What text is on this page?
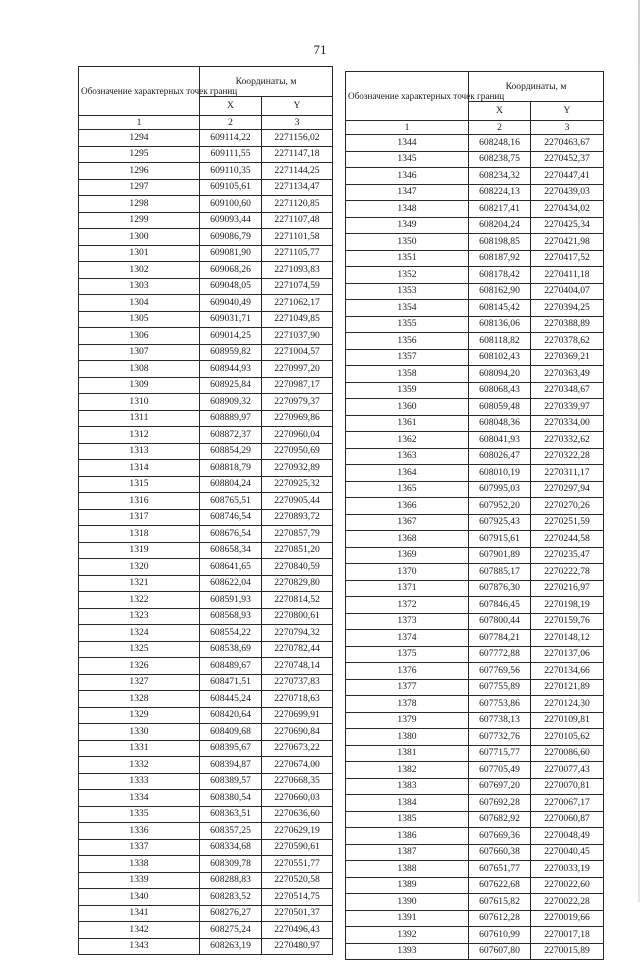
71
Обозначение характерных точек границ	Координаты, м	
	X	Y
1	2	3
1294	609114,22	2271156,02
1295	609111,55	2271147,18
1296	609110,35	2271144,25
1297	609105,61	2271134,47
1298	609100,60	2271120,85
1299	609093,44	2271107,48
1300	609086,79	2271101,58
1301	609081,90	2271105,77
1302	609068,26	2271093,83
1303	609048,05	2271074,59
1304	609040,49	2271062,17
1305	609031,71	2271049,85
1306	609014,25	2271037,90
1307	608959,82	2271004,57
1308	608944,93	2270997,20
1309	608925,84	2270987,17
1310	608909,32	2270979,37
1311	608889,97	2270969,86
1312	608872,37	2270960,04
1313	608854,29	2270950,69
1314	608818,79	2270932,89
1315	608804,24	2270925,32
1316	608765,51	2270905,44
1317	608746,54	2270893,72
1318	608676,54	2270857,79
1319	608658,34	2270851,20
1320	608641,65	2270840,59
1321	608622,04	2270829,80
1322	608591,93	2270814,52
1323	608568,93	2270800,61
1324	608554,22	2270794,32
1325	608538,69	2270782,44
1326	608489,67	2270748,14
1327	608471,51	2270737,83
1328	608445,24	2270718,63
1329	608420,64	2270699,91
1330	608409,68	2270690,84
1331	608395,67	2270673,22
1332	608394,87	2270674,00
1333	608389,57	2270668,35
1334	608380,54	2270660,03
1335	608363,51	2270636,60
1336	608357,25	2270629,19
1337	608334,68	2270590,61
1338	608309,78	2270551,77
1339	608288,83	2270520,58
1340	608283,52	2270514,75
1341	608276,27	2270501,37
1342	608275,24	2270496,43
1343	608263,19	2270480,97
Обозначение характерных точек границ	Координаты, м	
	X	Y
1	2	3
1344	608248,16	2270463,67
1345	608238,75	2270452,37
1346	608234,32	2270447,41
1347	608224,13	2270439,03
1348	608217,41	2270434,02
1349	608204,24	2270425,34
1350	608198,85	2270421,98
1351	608187,92	2270417,52
1352	608178,42	2270411,18
1353	608162,90	2270404,07
1354	608145,42	2270394,25
1355	608136,06	2270388,89
1356	608118,82	2270378,62
1357	608102,43	2270369,21
1358	608094,20	2270363,49
1359	608068,43	2270348,67
1360	608059,48	2270339,97
1361	608048,36	2270334,00
1362	608041,93	2270332,62
1363	608026,47	2270322,28
1364	608010,19	2270311,17
1365	607995,03	2270297,94
1366	607952,20	2270270,26
1367	607925,43	2270251,59
1368	607915,61	2270244,58
1369	607901,89	2270235,47
1370	607885,17	2270222,78
1371	607876,30	2270216,97
1372	607846,45	2270198,19
1373	607800,44	2270159,76
1374	607784,21	2270148,12
1375	607772,88	2270137,06
1376	607769,56	2270134,66
1377	607755,89	2270121,89
1378	607753,86	2270124,30
1379	607738,13	2270109,81
1380	607732,76	2270105,62
1381	607715,77	2270086,60
1382	607705,49	2270077,43
1383	607697,20	2270070,81
1384	607692,28	2270067,17
1385	607682,92	2270060,87
1386	607669,36	2270048,49
1387	607660,38	2270040,45
1388	607651,77	2270033,19
1389	607622,68	2270022,60
1390	607615,82	2270022,28
1391	607612,28	2270019,66
1392	607610,99	2270017,18
1393	607607,80	2270015,89
